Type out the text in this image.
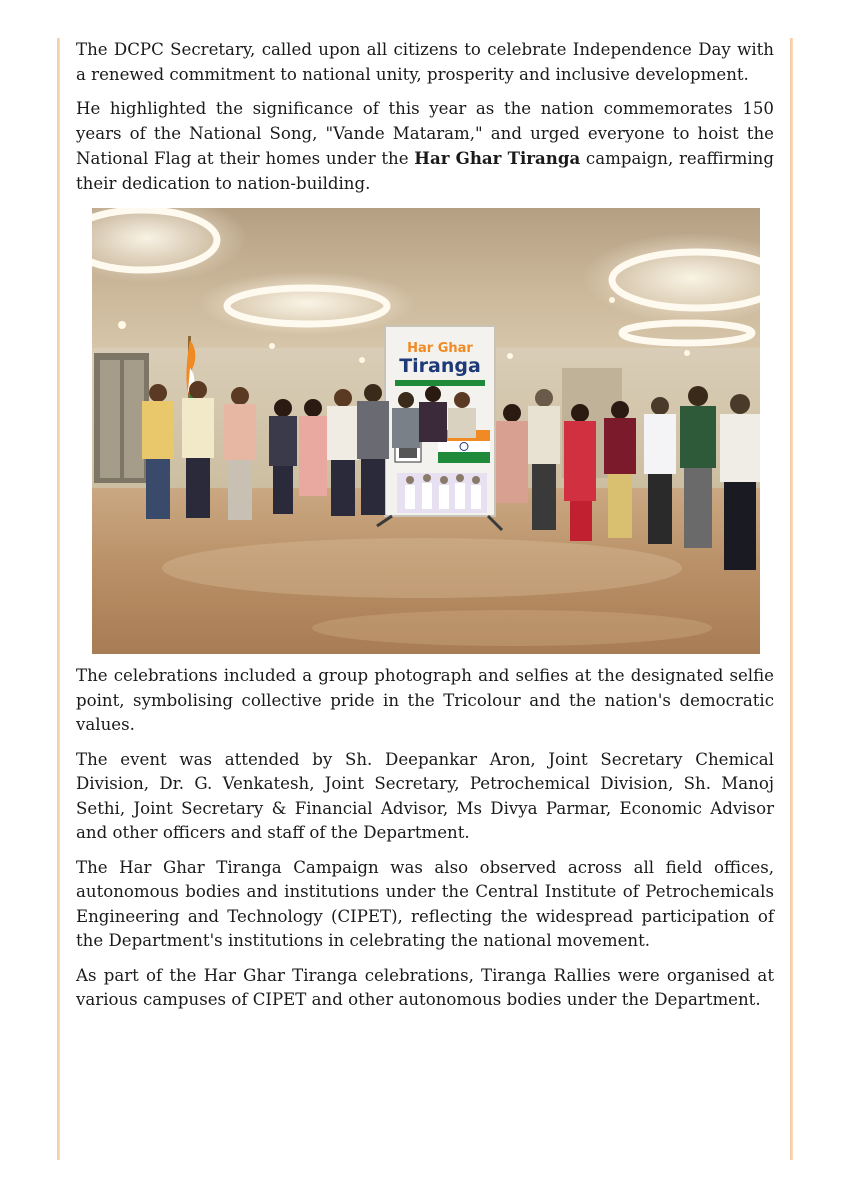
The DCPC Secretary, called upon all citizens to celebrate Independence Day with a renewed commitment to national unity, prosperity and inclusive development.

He highlighted the significance of this year as the nation commemorates 150 years of the National Song, "Vande Mataram," and urged everyone to hoist the National Flag at their homes under the Har Ghar Tiranga campaign, reaffirming their dedication to nation-building.

Har Ghar
Tiranga

The celebrations included a group photograph and selfies at the designated selfie point, symbolising collective pride in the Tricolour and the nation's democratic values.

The event was attended by Sh. Deepankar Aron, Joint Secretary Chemical Division, Dr. G. Venkatesh, Joint Secretary, Petrochemical Division, Sh. Manoj Sethi, Joint Secretary & Financial Advisor, Ms Divya Parmar, Economic Advisor and other officers and staff of the Department.

The Har Ghar Tiranga Campaign was also observed across all field offices, autonomous bodies and institutions under the Central Institute of Petrochemicals Engineering and Technology (CIPET), reflecting the widespread participation of the Department's institutions in celebrating the national movement.

As part of the Har Ghar Tiranga celebrations, Tiranga Rallies were organised at various campuses of CIPET and other autonomous bodies under the Department.
